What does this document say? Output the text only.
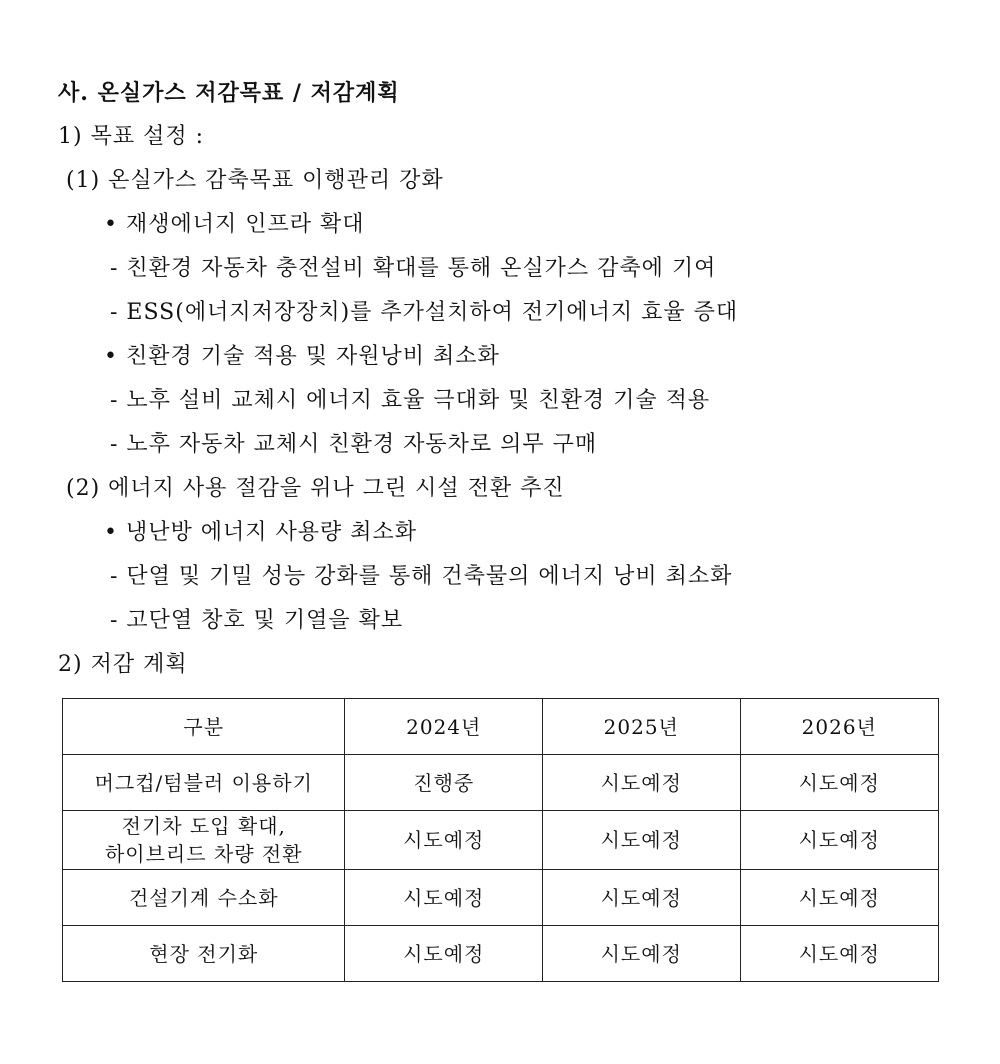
사. 온실가스 저감목표 / 저감계획
1) 목표 설정 :
(1) 온실가스 감축목표 이행관리 강화
• 재생에너지 인프라 확대
- 친환경 자동차 충전설비 확대를 통해 온실가스 감축에 기여
- ESS(에너지저장장치)를 추가설치하여 전기에너지 효율 증대
• 친환경 기술 적용 및 자원낭비 최소화
- 노후 설비 교체시 에너지 효율 극대화 및 친환경 기술 적용
- 노후 자동차 교체시 친환경 자동차로 의무 구매
(2) 에너지 사용 절감을 위나 그린 시설 전환 추진
• 냉난방 에너지 사용량 최소화
- 단열 및 기밀 성능 강화를 통해 건축물의 에너지 낭비 최소화
- 고단열 창호 및 기열을 확보
2) 저감 계획
구분	2024년	2025년	2026년
머그컵/텀블러 이용하기	진행중	시도예정	시도예정

전기차 도입 확대,
하이브리드 차량 전환	시도예정	시도예정	시도예정
건설기계 수소화	시도예정	시도예정	시도예정
현장 전기화	시도예정	시도예정	시도예정
